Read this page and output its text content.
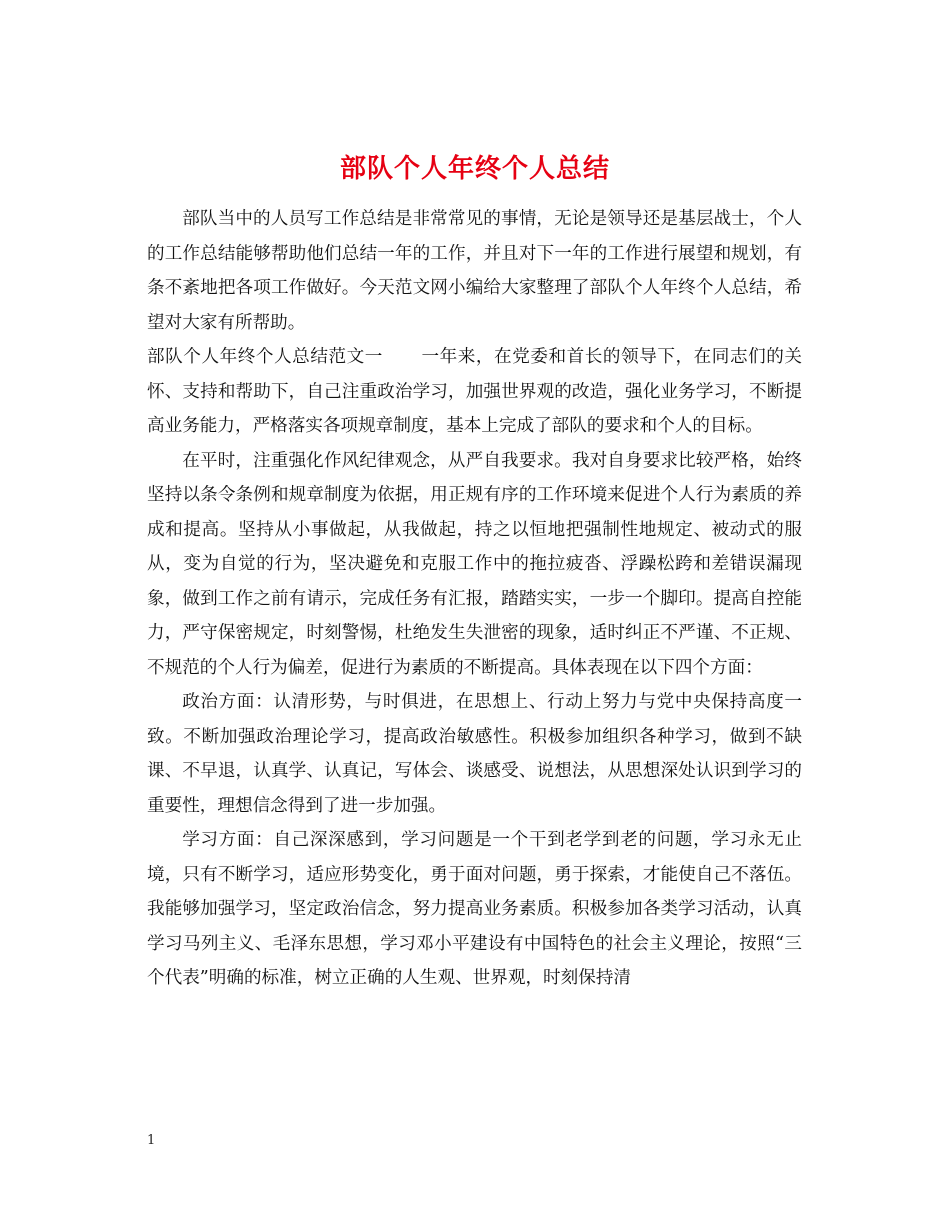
部队个人年终个人总结

部队当中的人员写工作总结是非常常见的事情，无论是领导还是基层战士，个人的工作总结能够帮助他们总结一年的工作，并且对下一年的工作进行展望和规划，有条不紊地把各项工作做好。今天范文网小编给大家整理了部队个人年终个人总结，希望对大家有所帮助。

部队个人年终个人总结范文一 一年来，在党委和首长的领导下，在同志们的关怀、支持和帮助下，自己注重政治学习，加强世界观的改造，强化业务学习，不断提高业务能力，严格落实各项规章制度，基本上完成了部队的要求和个人的目标。

在平时，注重强化作风纪律观念，从严自我要求。我对自身要求比较严格，始终坚持以条令条例和规章制度为依据，用正规有序的工作环境来促进个人行为素质的养成和提高。坚持从小事做起，从我做起，持之以恒地把强制性地规定、被动式的服从，变为自觉的行为，坚决避免和克服工作中的拖拉疲沓、浮躁松跨和差错误漏现象，做到工作之前有请示，完成任务有汇报，踏踏实实，一步一个脚印。提高自控能力，严守保密规定，时刻警惕，杜绝发生失泄密的现象，适时纠正不严谨、不正规、不规范的个人行为偏差，促进行为素质的不断提高。具体表现在以下四个方面：

政治方面：认清形势，与时俱进，在思想上、行动上努力与党中央保持高度一致。不断加强政治理论学习，提高政治敏感性。积极参加组织各种学习，做到不缺课、不早退，认真学、认真记，写体会、谈感受、说想法，从思想深处认识到学习的重要性，理想信念得到了进一步加强。

学习方面：自己深深感到，学习问题是一个干到老学到老的问题，学习永无止境，只有不断学习，适应形势变化，勇于面对问题，勇于探索，才能使自己不落伍。我能够加强学习，坚定政治信念，努力提高业务素质。积极参加各类学习活动，认真学习马列主义、毛泽东思想，学习邓小平建设有中国特色的社会主义理论，按照“三个代表”明确的标准，树立正确的人生观、世界观，时刻保持清

1
